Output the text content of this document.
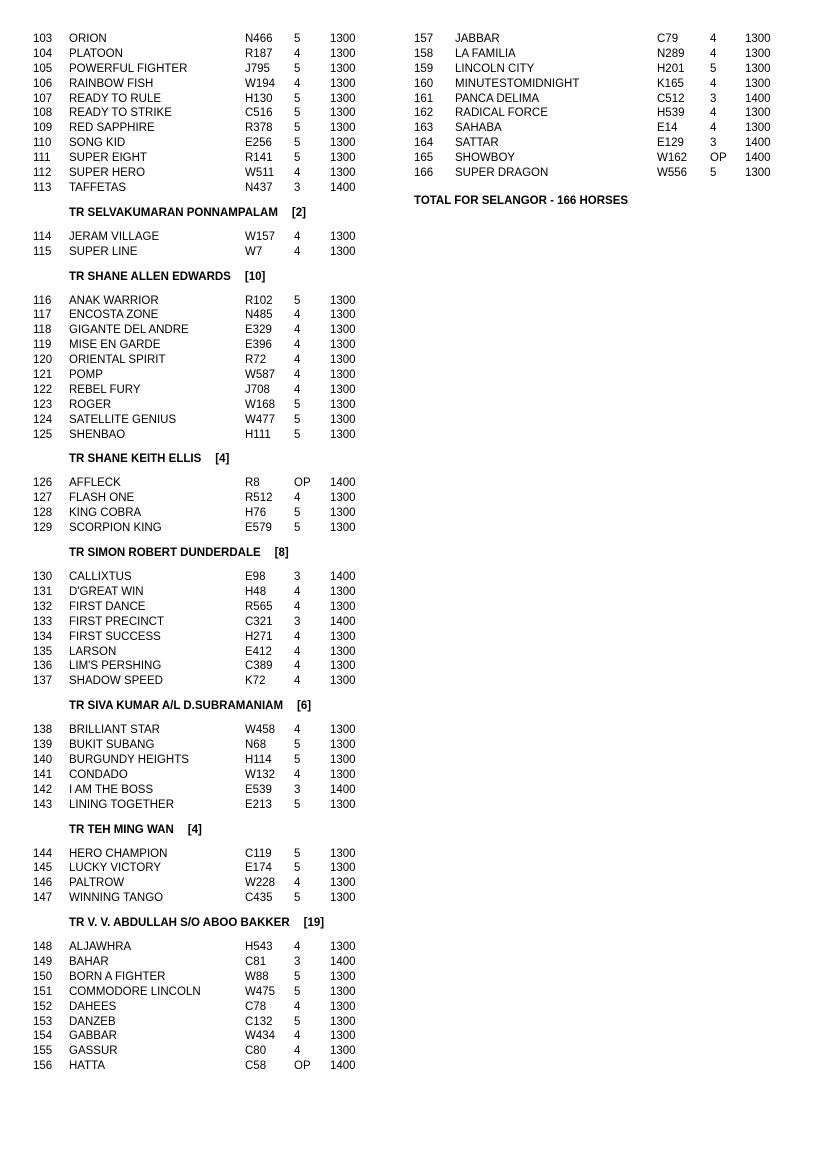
103 ORION	N466 5	1300
104 PLATOON	R187 4	1300
105 POWERFUL FIGHTER	J795 5	1300
106 RAINBOW FISH	W194 4	1300
107 READY TO RULE	H130 5	1300
108 READY TO STRIKE	C516 5	1300
109 RED SAPPHIRE	R378 5	1300
110 SONG KID	E256 5	1300
111 SUPER EIGHT	R141 5	1300
112 SUPER HERO	W511 4	1300
113 TAFFETAS	N437 3	1400
TR SELVAKUMARAN PONNAMPALAM [2]
114 JERAM VILLAGE	W157 4	1300
115 SUPER LINE	W7	4	1300
TR SHANE ALLEN EDWARDS [10]
116 ANAK WARRIOR	R102 5	1300
117 ENCOSTA ZONE	N485 4	1300
118 GIGANTE DEL ANDRE	E329 4	1300
119 MISE EN GARDE	E396 4	1300
120 ORIENTAL SPIRIT	R72 4	1300
121 POMP	W587 4	1300
122 REBEL FURY	J708 4	1300
123 ROGER	W168 5	1300
124 SATELLITE GENIUS	W477 5	1300
125 SHENBAO	H111 5	1300
TR SHANE KEITH ELLIS [4]
126 AFFLECK	R8	OP 1400
127 FLASH ONE	R512 4	1300
128 KING COBRA	H76 5	1300
129 SCORPION KING	E579 5	1300
TR SIMON ROBERT DUNDERDALE [8]
130 CALLIXTUS	E98 3	1400
131 D'GREAT WIN	H48 4	1300
132 FIRST DANCE	R565 4	1300
133 FIRST PRECINCT	C321 3	1400
134 FIRST SUCCESS	H271 4	1300
135 LARSON	E412 4	1300
136 LIM'S PERSHING	C389 4	1300
137 SHADOW SPEED	K72 4	1300
TR SIVA KUMAR A/L D.SUBRAMANIAM [6]
138 BRILLIANT STAR	W458 4	1300
139 BUKIT SUBANG	N68 5	1300
140 BURGUNDY HEIGHTS	H114 5	1300
141 CONDADO	W132 4	1300
142 I AM THE BOSS	E539 3	1400
143 LINING TOGETHER	E213 5	1300
TR TEH MING WAN [4]
144 HERO CHAMPION	C119 5	1300
145 LUCKY VICTORY	E174 5	1300
146 PALTROW	W228 4	1300
147 WINNING TANGO	C435 5	1300
TR V. V. ABDULLAH S/O ABOO BAKKER [19]
148 ALJAWHRA	H543 4	1300
149 BAHAR	C81 3	1400
150 BORN A FIGHTER	W88 5	1300
151 COMMODORE LINCOLN	W475 5	1300
152 DAHEES	C78 4	1300
153 DANZEB	C132 5	1300
154 GABBAR	W434 4	1300
155 GASSUR	C80 4	1300
156 HATTA	C58 OP 1400
157 JABBAR	C79	4 1300
158 LA FAMILIA	N289 4 1300
159 LINCOLN CITY	H201 5 1300
160 MINUTESTOMIDNIGHT	K165 4 1300
161 PANCA DELIMA	C512 3 1400
162 RADICAL FORCE	H539 4 1300
163 SAHABA	E14	4 1300
164 SATTAR	E129 3 1400
165 SHOWBOY	W162 OP 1400
166 SUPER DRAGON	W556 5 1300
TOTAL FOR SELANGOR - 166 HORSES
